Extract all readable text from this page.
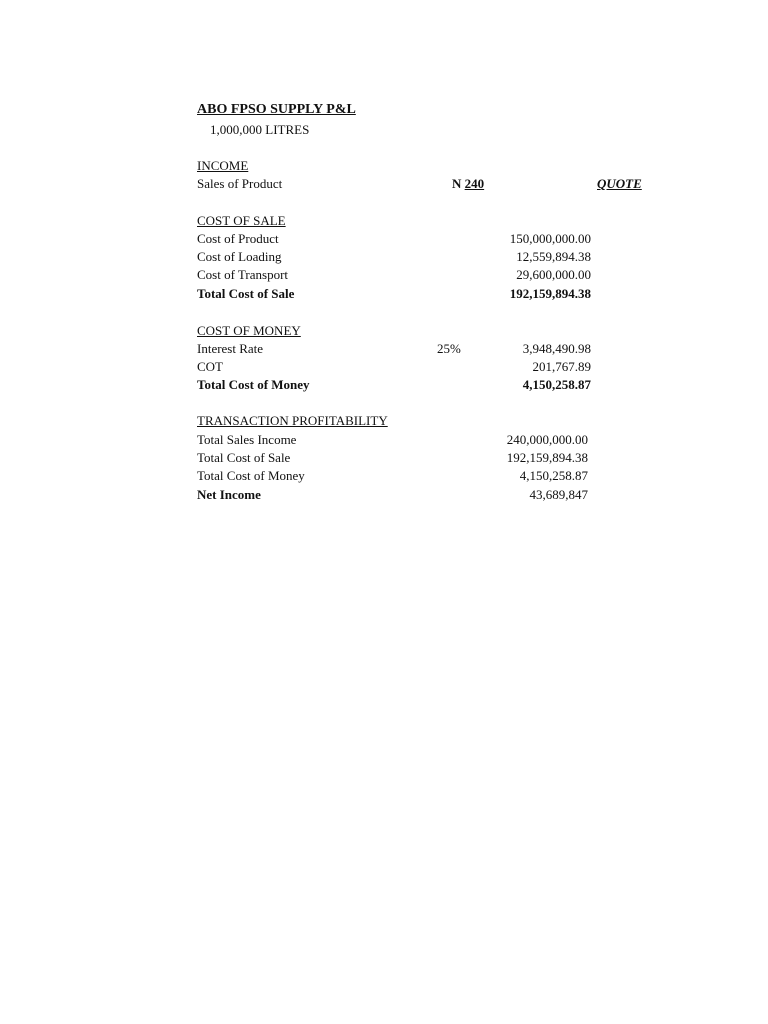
ABO FPSO SUPPLY P&L
1,000,000 LITRES
INCOME
Sales of Product	N 240	QUOTE
COST OF SALE
Cost of Product	150,000,000.00
Cost of Loading	12,559,894.38
Cost of Transport	29,600,000.00
Total Cost of Sale	192,159,894.38
COST OF MONEY
Interest Rate	25%	3,948,490.98
COT	201,767.89
Total Cost of Money	4,150,258.87
TRANSACTION PROFITABILITY
Total Sales Income	240,000,000.00
Total Cost of Sale	192,159,894.38
Total Cost of Money	4,150,258.87
Net Income	43,689,847
